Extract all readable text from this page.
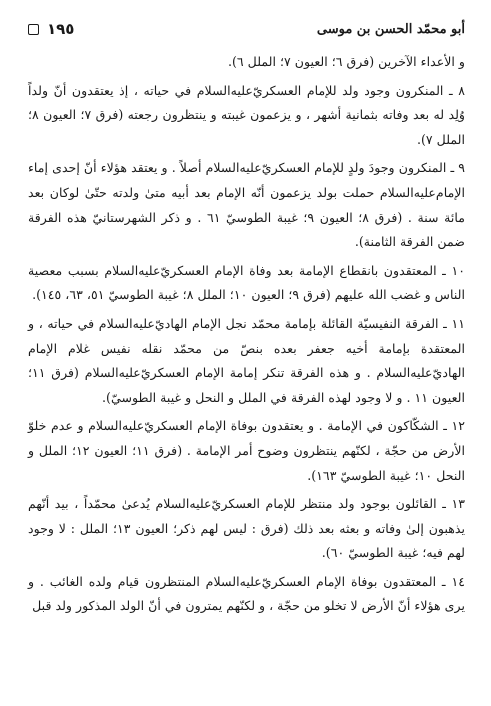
أبو محمّد الحسن بن موسى
١٩٥

و الأعداء الآخرين (فرق ٦؛ العيون ٧؛ الملل ٦).

٨ ـ المنكرون وجود ولد للإمام العسكريّ‌عليه‌السلام في حياته ، إذ يعتقدون أنّ ولداً وُلِد له بعد وفاته بثمانية أشهر ، و يزعمون غيبته و ينتظرون رجعته (فرق ٧؛ العيون ٨؛ الملل ٧).

٩ ـ المنكرون وجودَ ولدٍ للإمام العسكريّ‌عليه‌السلام أصلاً . و يعتقد هؤلاء أنّ إحدى إماء الإمام‌عليه‌السلام حملت بولد يزعمون أنّه الإمام بعد أبيه متىٰ ولدته حتّىٰ لوكان بعد مائة سنة . (فرق ٨؛ العيون ٩؛ غيبة الطوسيّ ٦١ . و ذكر الشهرستانيّ هذه الفرقة ضمن الفرقة الثامنة).

١٠ ـ المعتقدون بانقطاع الإمامة بعد وفاة الإمام العسكريّ‌عليه‌السلام بسبب معصية الناس و غضب الله عليهم (فرق ٩؛ العيون ١٠؛ الملل ٨؛ غيبة الطوسيّ ٥١، ٦٣، ١٤٥).

١١ ـ الفرقة النفيسيّة القائلة بإمامة محمّد نجل الإمام الهاديّ‌عليه‌السلام في حياته ، و المعتقدة بإمامة أخيه جعفر بعده بنصّ من محمّد نقله نفيس غلام الإمام الهاديّ‌عليه‌السلام . و هذه الفرقة تنكر إمامة الإمام العسكريّ‌عليه‌السلام (فرق ١١؛ العيون ١١ . و لا وجود لهذه الفرقة في الملل و النحل و غيبة الطوسيّ).

١٢ ـ الشكّاكون في الإمامة . و يعتقدون بوفاة الإمام العسكريّ‌عليه‌السلام و عدم خلوّ الأرض من حجّة ، لكنّهم ينتظرون وضوح أمر الإمامة . (فرق ١١؛ العيون ١٢؛ الملل و النحل ١٠؛ غيبة الطوسيّ ١٦٣).

١٣ ـ القائلون بوجود ولد منتظر للإمام العسكريّ‌عليه‌السلام يُدعىٰ محمّداً ، بيد أنّهم يذهبون إلىٰ وفاته و بعثه بعد ذلك (فرق : ليس لهم ذكر؛ العيون ١٣؛ الملل : لا وجود لهم فيه؛ غيبة الطوسيّ ٦٠).

١٤ ـ المعتقدون بوفاة الإمام العسكريّ‌عليه‌السلام المنتظرون قيام ولده الغائب . و يرى هؤلاء أنّ الأرض لا تخلو من حجّة ، و لكنّهم يمترون في أنّ الولد المذكور ولد قبل
